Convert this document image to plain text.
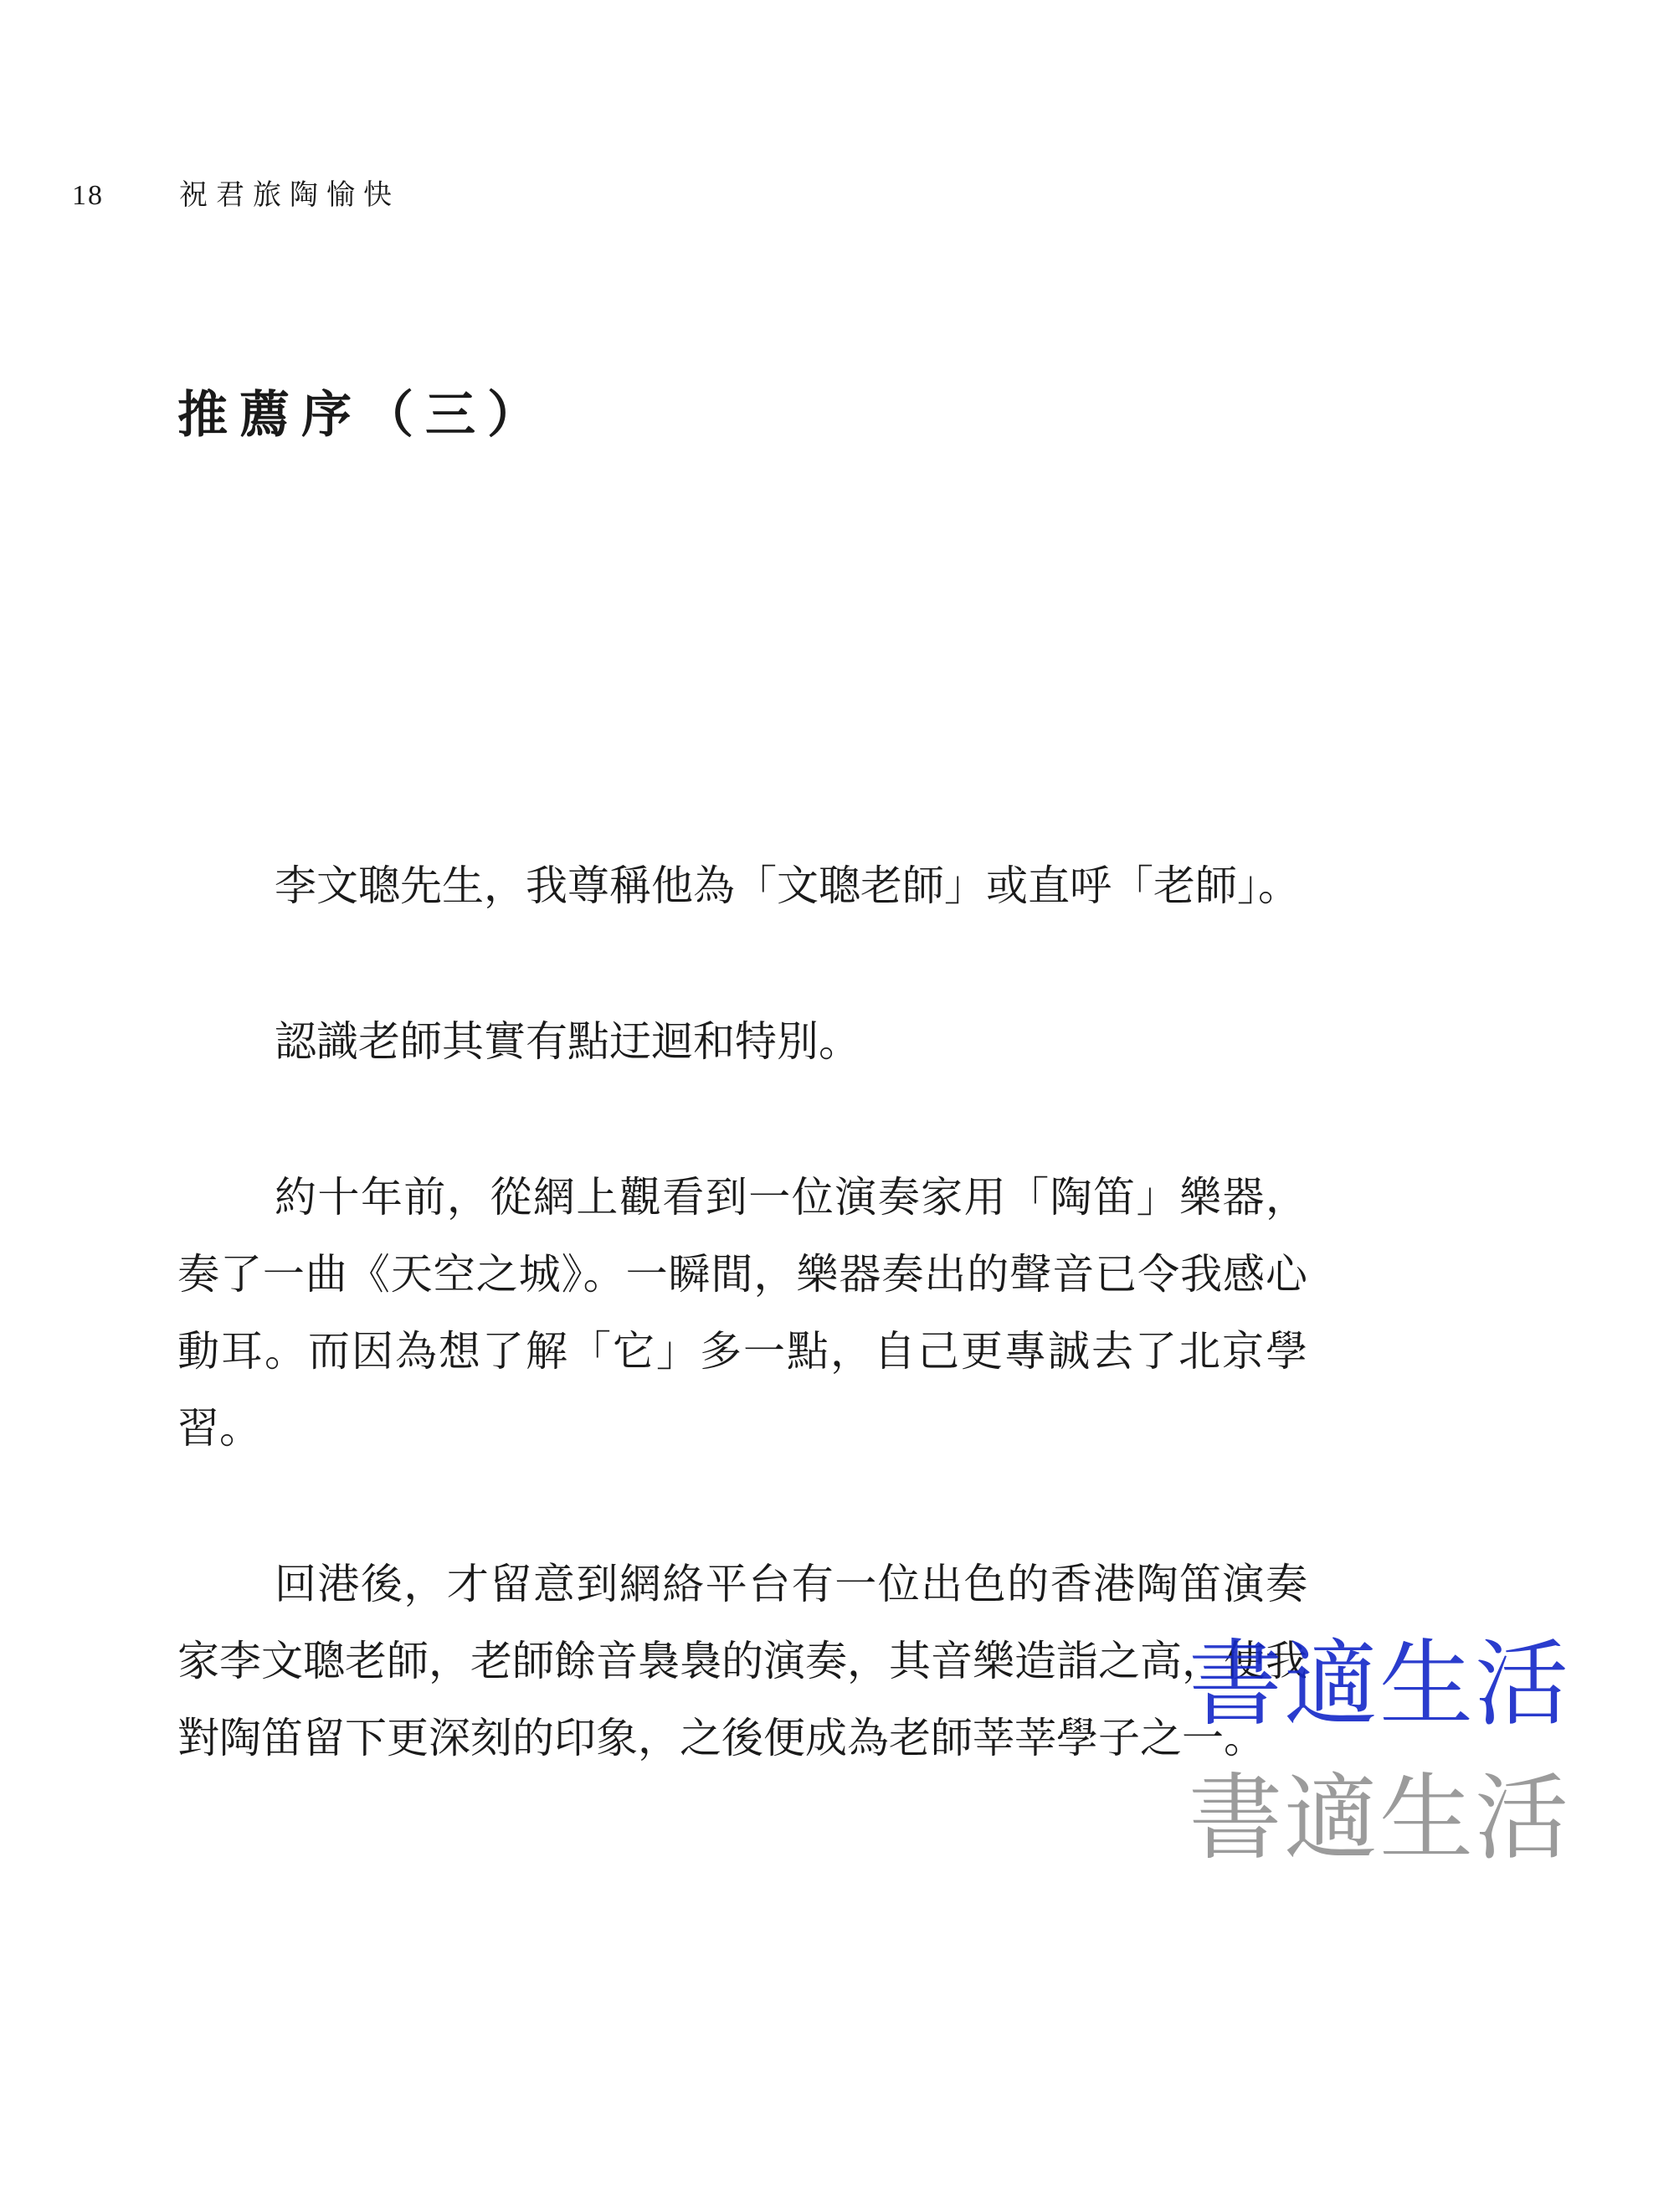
18	祝君旅陶愉快
推薦序（三）

李文聰先生，我尊稱他為「文聰老師」或直呼「老師」。

認識老師其實有點迂迴和特別。

約十年前，從網上觀看到一位演奏家用「陶笛」樂器，奏了一曲《天空之城》。一瞬間，樂器奏出的聲音已令我感心動耳。而因為想了解「它」多一點，自己更專誠去了北京學習。

回港後，才留意到網絡平台有一位出色的香港陶笛演奏家李文聰老師，老師餘音裊裊的演奏，其音樂造詣之高，使我對陶笛留下更深刻的印象，之後便成為老師莘莘學子之一。

書適生活
書適生活
